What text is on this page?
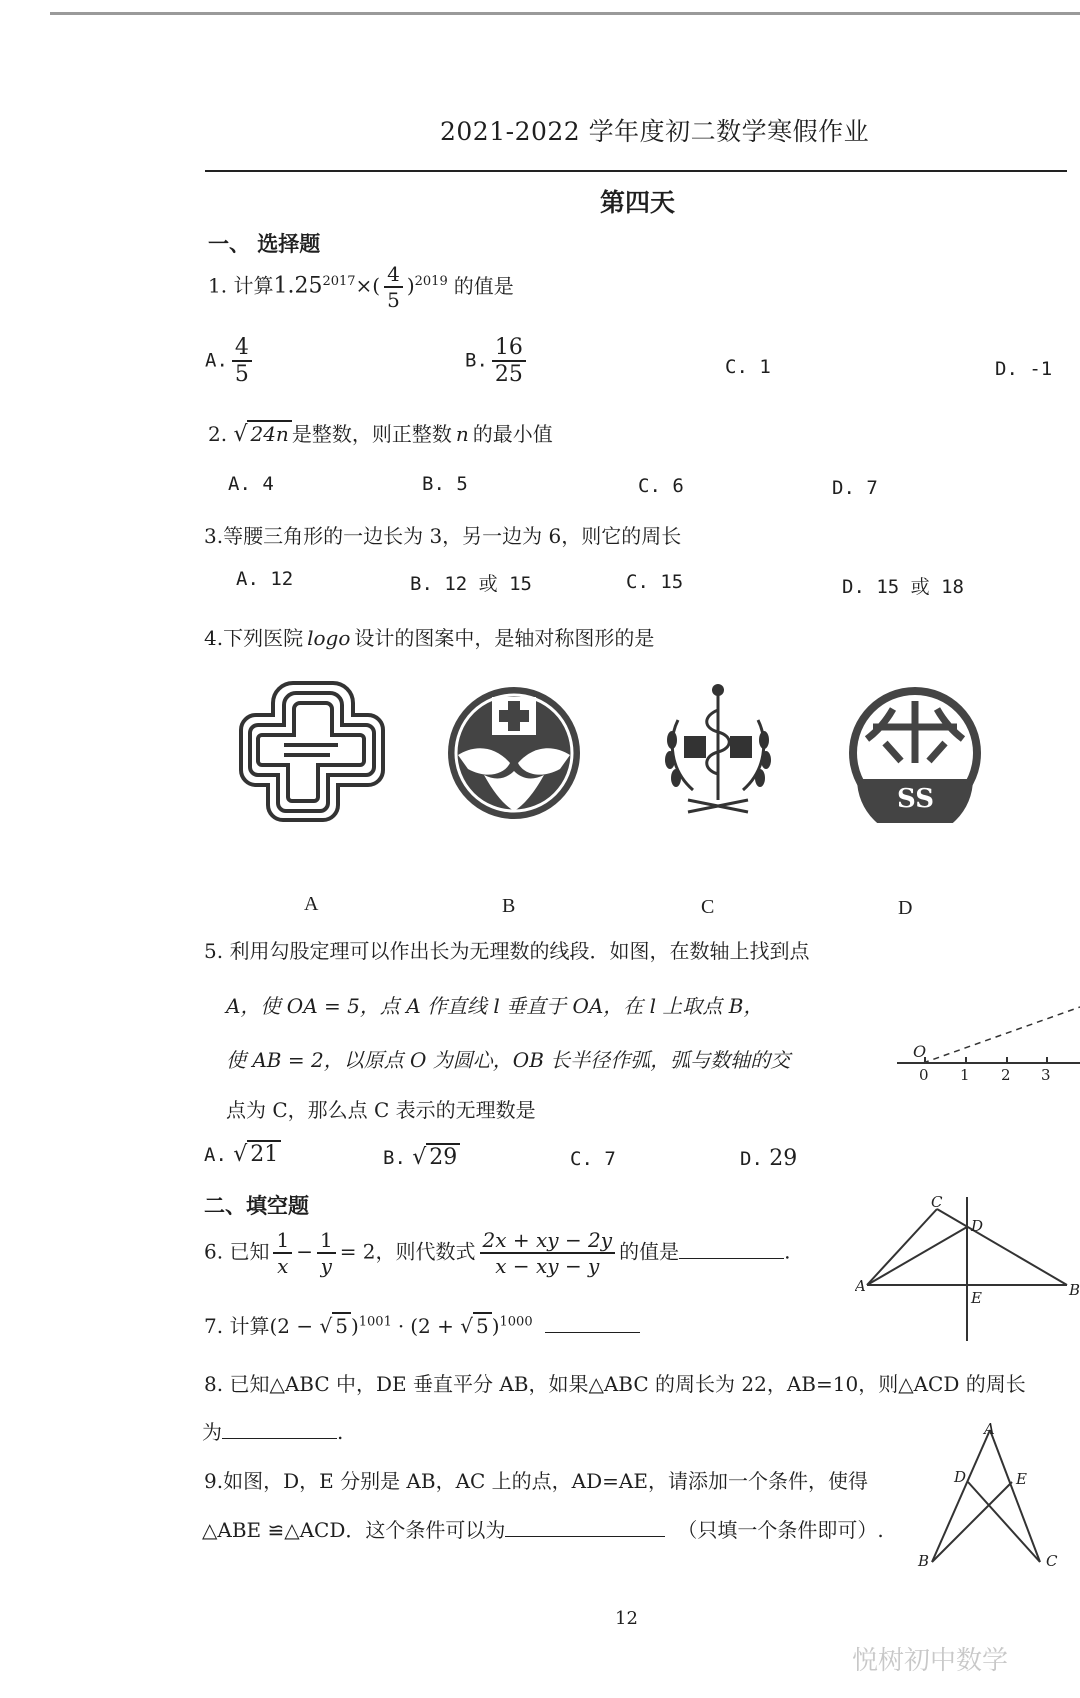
2021-2022 学年度初二数学寒假作业
第四天
一、 选择题
1. 计算$1.25^{2017}\times( \frac{4}{5} )^{2019}$ 的值是
A. $\frac{4}{5}$	B. $\frac{16}{25}$	C. 1	D. -1
2. √ 24n 是整数，则正整数 n 的最小值
A. 4	B. 5	C. 6	D. 7
3.等腰三角形的一边长为 3，另一边为 6，则它的周长
A. 12	B. 12 或 15	C. 15	D. 15 或 18
4.下列医院 logo 设计的图案中，是轴对称图形的是
SS
A	B	C	D
5. 利用勾股定理可以作出长为无理数的线段．如图，在数轴上找到点
A，使 OA = 5，点 A 作直线 l 垂直于 OA，在 l 上取点 B，
使 AB = 2，以原点 O 为圆心，OB 长半径作弧，弧与数轴的交
点为 C，那么点 C 表示的无理数是
O
0 1 2 3
A. √ 21	B. √ 29	C. 7	D. 29
二、填空题
6. 已知 $\frac{1}{x} - \frac{1}{y} = 2$，则代数式 $\frac{2x + xy - 2y}{x - xy - y}$ 的值是	.
C
D
A
E	B
7. 计算(2 − √ 5 )$^{1001}$ · (2 + √ 5 )$^{1000}$
8. 已知△ABC 中，DE 垂直平分 AB，如果△ABC 的周长为 22，AB=10，则△ACD 的周长
为	.
9.如图，D，E 分别是 AB，AC 上的点，AD=AE，请添加一个条件，使得
△ABE ≌△ACD．这个条件可以为	（只填一个条件即可）.
A
D	E
B	C
12
悦树初中数学
